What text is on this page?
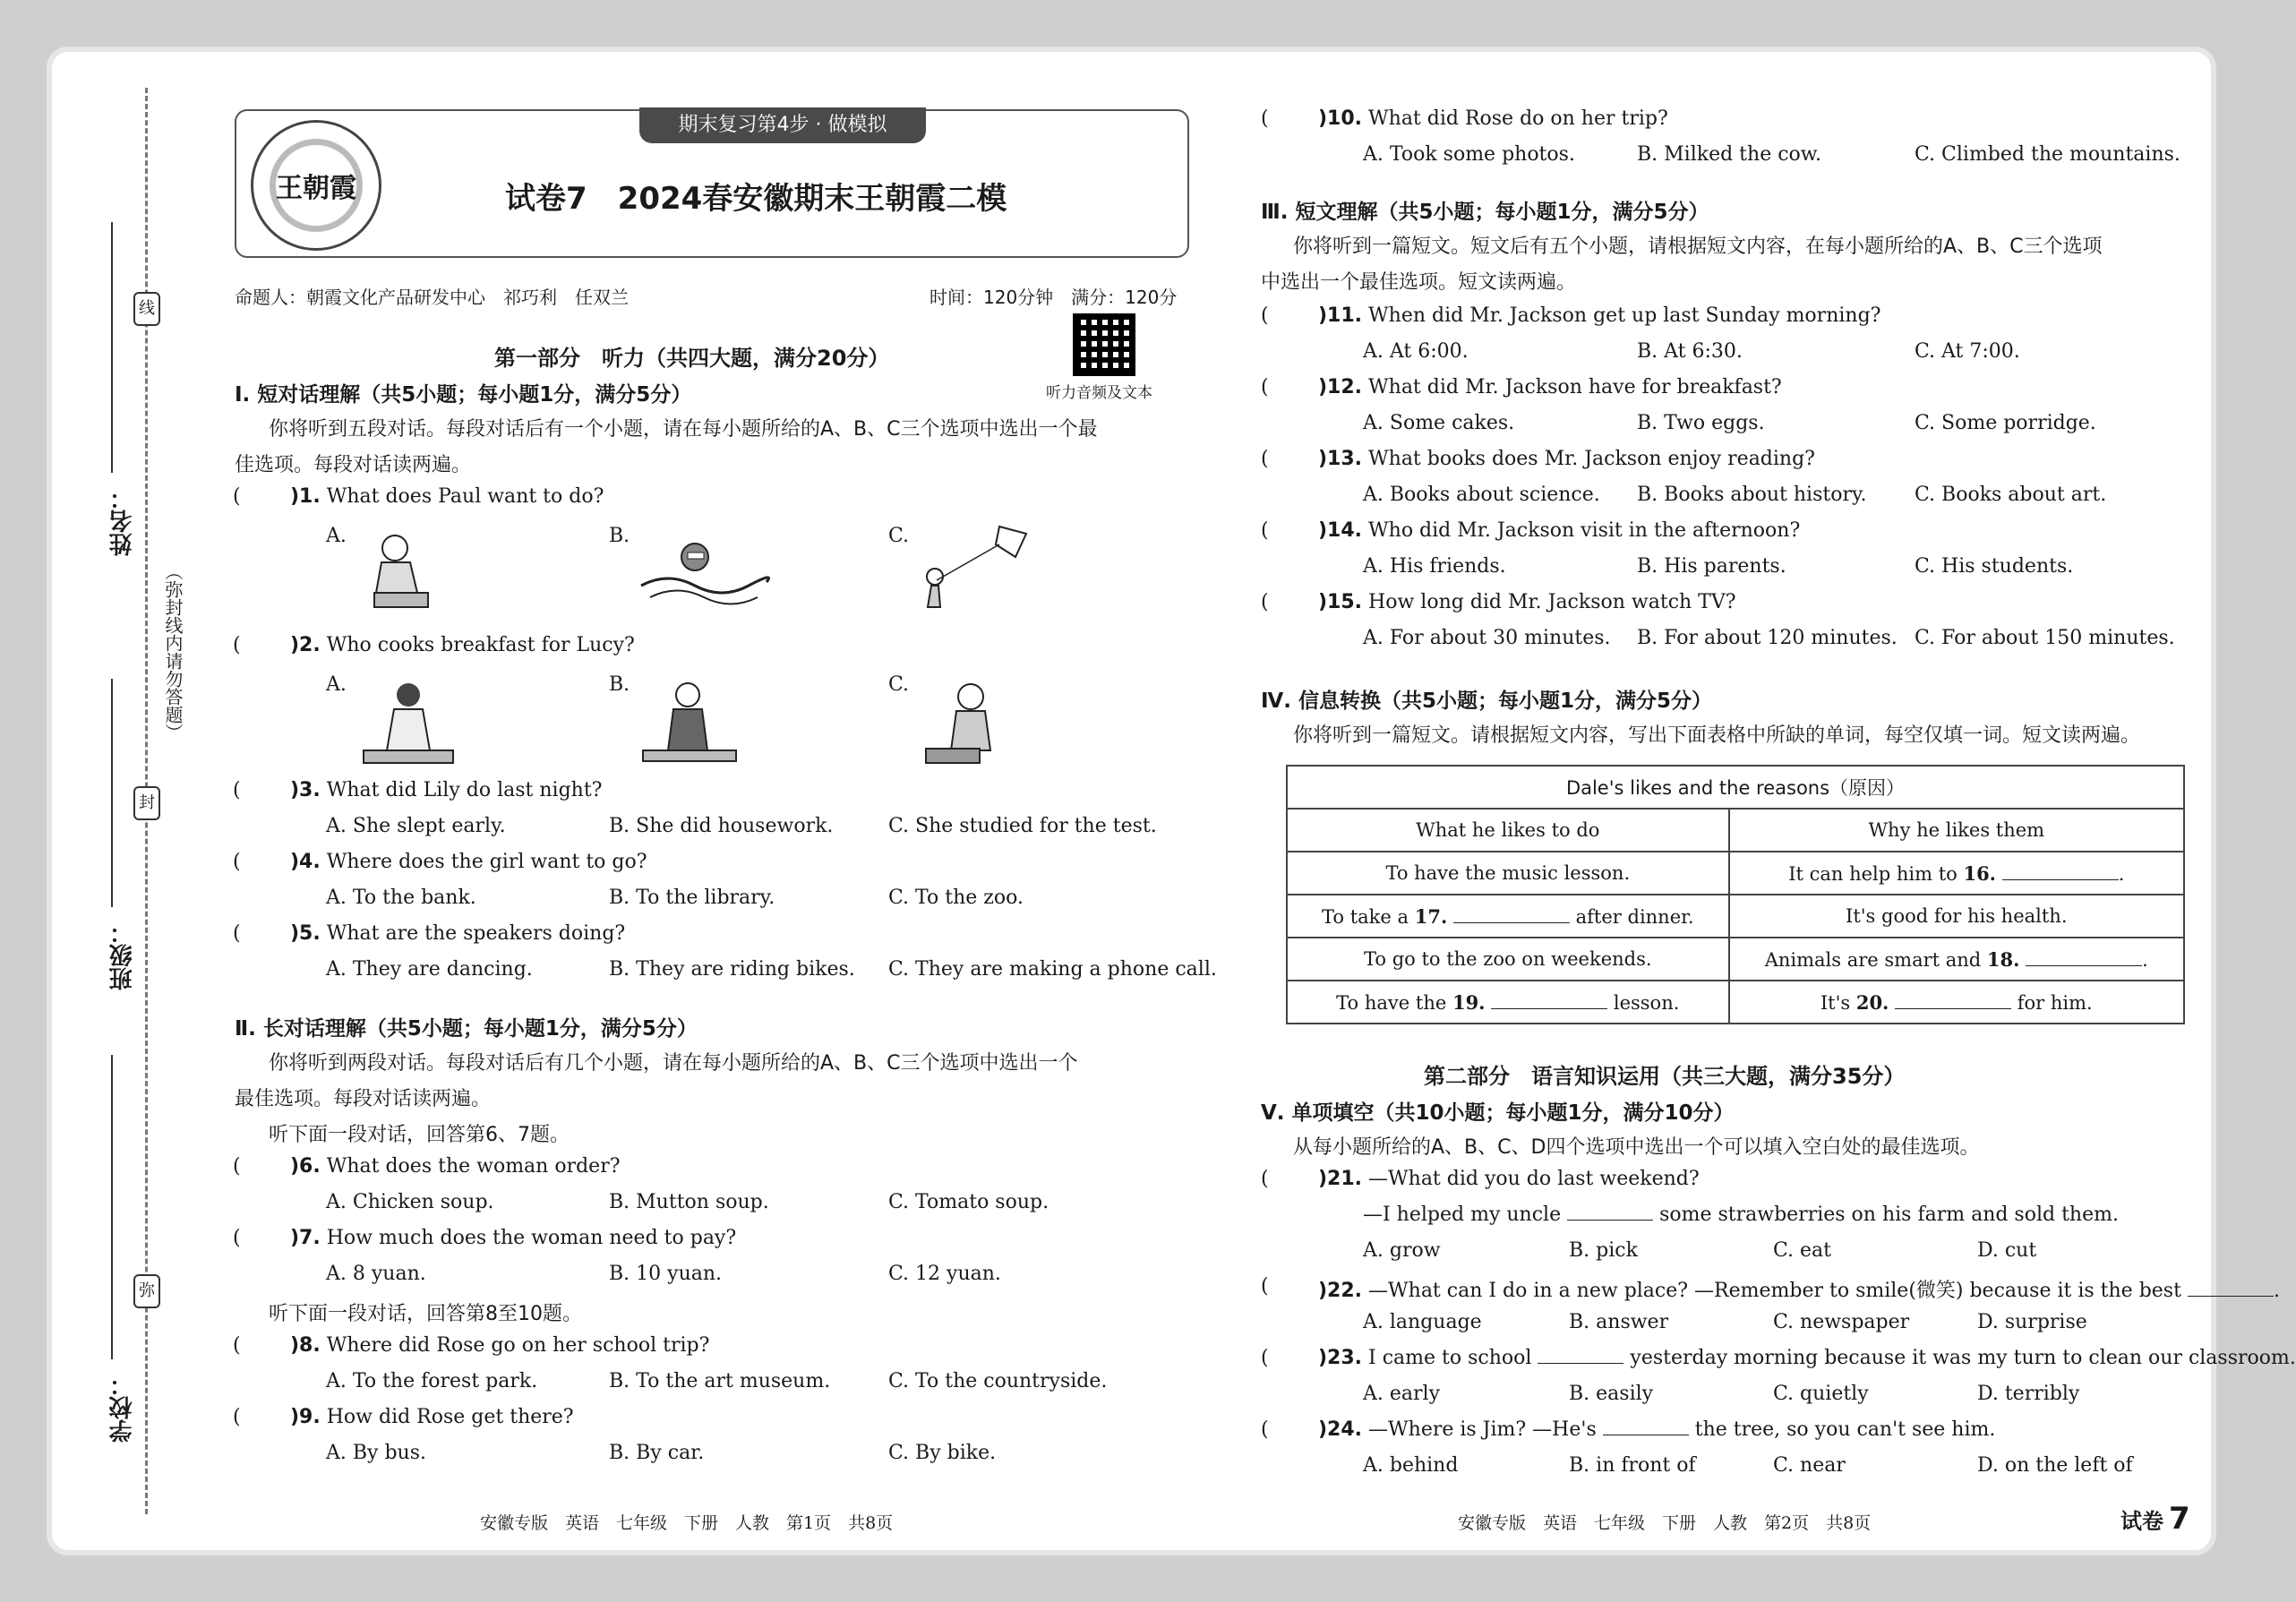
线
封
弥
（弥封线内请勿答题）
姓名：
班级：
学校：
王朝霞
期末复习第4步 · 做模拟
试卷7　2024春安徽期末王朝霞二模
命题人：朝霞文化产品研发中心　祁巧利　任双兰	时间：120分钟　满分：120分
第一部分　听力（共四大题，满分20分）
听力音频及文本
Ⅰ. 短对话理解（共5小题；每小题1分，满分5分）
你将听到五段对话。每段对话后有一个小题，请在每小题所给的A、B、C三个选项中选出一个最
佳选项。每段对话读两遍。
(	)1. What does Paul want to do?
A.	B.	C.
(	)2. Who cooks breakfast for Lucy?
A.	B.	C.
(	)3. What did Lily do last night?
A. She slept early.	B. She did housework.	C. She studied for the test.
(	)4. Where does the girl want to go?
A. To the bank.	B. To the library.	C. To the zoo.
(	)5. What are the speakers doing?
A. They are dancing.	B. They are riding bikes. C. They are making a phone call.
Ⅱ. 长对话理解（共5小题；每小题1分，满分5分）
你将听到两段对话。每段对话后有几个小题，请在每小题所给的A、B、C三个选项中选出一个
最佳选项。每段对话读两遍。
听下面一段对话，回答第6、7题。
(	)6. What does the woman order?
A. Chicken soup.	B. Mutton soup.	C. Tomato soup.
(	)7. How much does the woman need to pay?
A. 8 yuan.	B. 10 yuan.	C. 12 yuan.
听下面一段对话，回答第8至10题。
(	)8. Where did Rose go on her school trip?
A. To the forest park.	B. To the art museum.	C. To the countryside.
(	)9. How did Rose get there?
A. By bus.	B. By car.	C. By bike.
安徽专版　英语　七年级　下册　人教　第1页　共8页
(	)10. What did Rose do on her trip?
A. Took some photos.	B. Milked the cow.	C. Climbed the mountains.
Ⅲ. 短文理解（共5小题；每小题1分，满分5分）
你将听到一篇短文。短文后有五个小题，请根据短文内容，在每小题所给的A、B、C三个选项
中选出一个最佳选项。短文读两遍。
(	)11. When did Mr. Jackson get up last Sunday morning?
A. At 6:00.	B. At 6:30.	C. At 7:00.
(	)12. What did Mr. Jackson have for breakfast?
A. Some cakes.	B. Two eggs.	C. Some porridge.
(	)13. What books does Mr. Jackson enjoy reading?
A. Books about science. B. Books about history. C. Books about art.
(	)14. Who did Mr. Jackson visit in the afternoon?
A. His friends.	B. His parents.	C. His students.
(	)15. How long did Mr. Jackson watch TV?
A. For about 30 minutes. B. For about 120 minutes. C. For about 150 minutes.
Ⅳ. 信息转换（共5小题；每小题1分，满分5分）
你将听到一篇短文。请根据短文内容，写出下面表格中所缺的单词，每空仅填一词。短文读两遍。
Dale's likes and the reasons（原因）	
What he likes to do	Why he likes them
To have the music lesson.	It can help him to 16. .
To take a 17. after dinner.	It's good for his health.
To go to the zoo on weekends.	Animals are smart and 18. .
To have the 19. lesson.	It's 20. for him.
第二部分　语言知识运用（共三大题，满分35分）
Ⅴ. 单项填空（共10小题；每小题1分，满分10分）
从每小题所给的A、B、C、D四个选项中选出一个可以填入空白处的最佳选项。
(	)21. —What did you do last weekend?
—I helped my uncle	some strawberries on his farm and sold them.
A. grow	B. pick	C. eat	D. cut
(	)22. —What can I do in a new place? —Remember to smile(微笑) because it is the best	.
A. language	B. answer	C. newspaper	D. surprise
(	)23. I came to school	yesterday morning because it was my turn to clean our classroom.
A. early	B. easily	C. quietly	D. terribly
(	)24. —Where is Jim? —He's	the tree, so you can't see him.
A. behind	B. in front of	C. near	D. on the left of
安徽专版　英语　七年级　下册　人教　第2页　共8页	试卷 7
